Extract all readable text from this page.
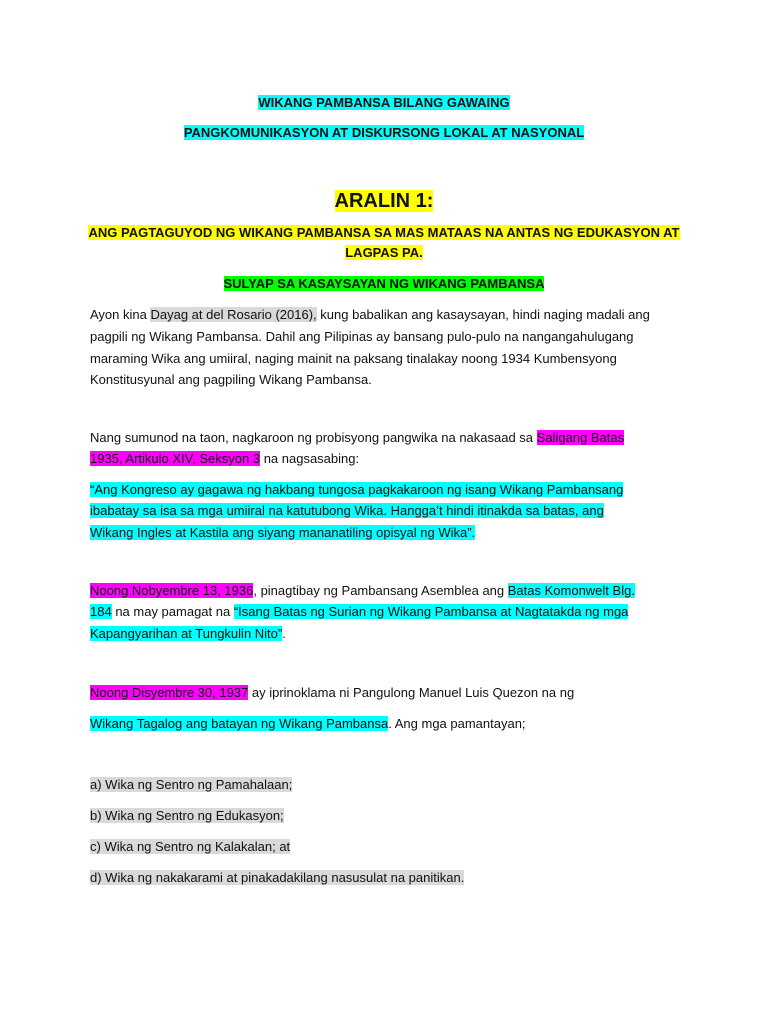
WIKANG PAMBANSA BILANG GAWAING
PANGKOMUNIKASYON AT DISKURSONG LOKAL AT NASYONAL
ARALIN 1:
ANG PAGTAGUYOD NG WIKANG PAMBANSA SA MAS MATAAS NA ANTAS NG EDUKASYON AT
LAGPAS PA.
SULYAP SA KASAYSAYAN NG WIKANG PAMBANSA
Ayon kina Dayag at del Rosario (2016), kung babalikan ang kasaysayan, hindi naging madali ang
pagpili ng Wikang Pambansa. Dahil ang Pilipinas ay bansang pulo-pulo na nangangahulugang
maraming Wika ang umiiral, naging mainit na paksang tinalakay noong 1934 Kumbensyong
Konstitusyunal ang pagpiling Wikang Pambansa.
Nang sumunod na taon, nagkaroon ng probisyong pangwika na nakasaad sa Saligang Batas
1935, Artikulo XIV, Seksyon 3 na nagsasabing:
“Ang Kongreso ay gagawa ng hakbang tungosa pagkakaroon ng isang Wikang Pambansang
ibabatay sa isa sa mga umiiral na katutubong Wika. Hangga’t hindi itinakda sa batas, ang
Wikang Ingles at Kastila ang siyang mananatiling opisyal ng Wika”.
Noong Nobyembre 13, 1936, pinagtibay ng Pambansang Asemblea ang Batas Komonwelt Blg.
184 na may pamagat na “Isang Batas ng Surian ng Wikang Pambansa at Nagtatakda ng mga
Kapangyarihan at Tungkulin Nito”.
Noong Disyembre 30, 1937 ay iprinoklama ni Pangulong Manuel Luis Quezon na ng
Wikang Tagalog ang batayan ng Wikang Pambansa. Ang mga pamantayan;
a) Wika ng Sentro ng Pamahalaan;
b) Wika ng Sentro ng Edukasyon;
c) Wika ng Sentro ng Kalakalan; at
d) Wika ng nakakarami at pinakadakilang nasusulat na panitikan.
